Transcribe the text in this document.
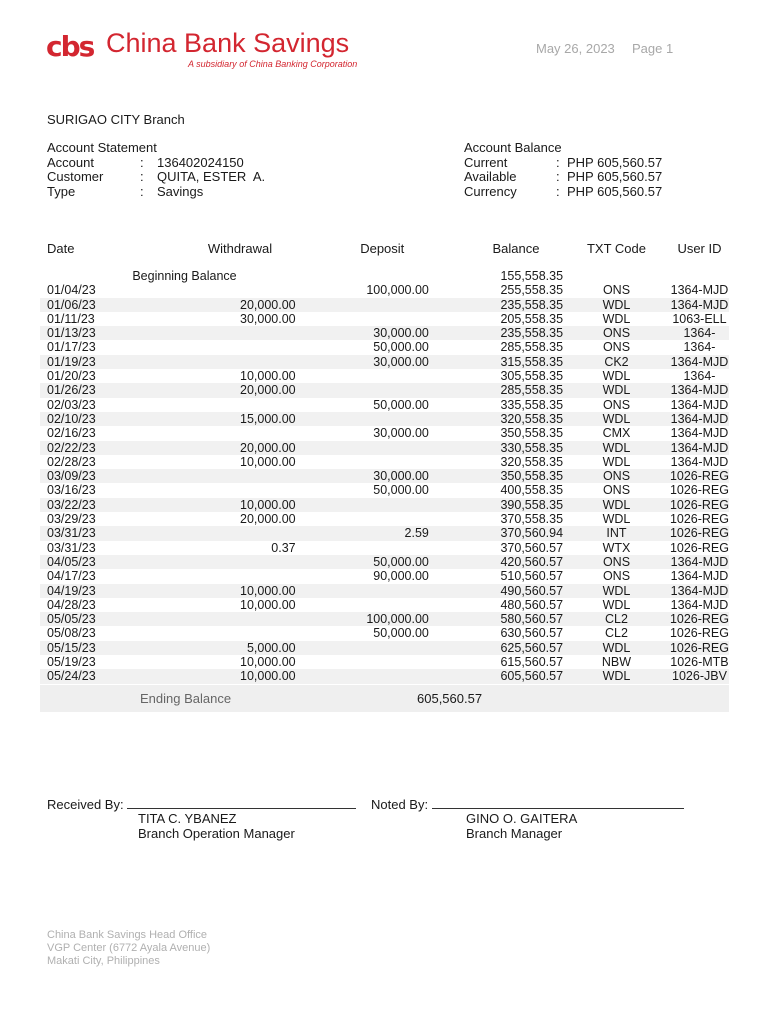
cbs China Bank Savings
A subsidiary of China Banking Corporation
May 26, 2023 Page 1
SURIGAO CITY Branch
Account Statement
Account	:	136402024150
Customer	:	QUITA, ESTER  A.
Type	:	Savings
Account Balance
Current	: PHP 605,560.57
Available	: PHP 605,560.57
Currency	: PHP 605,560.57
Date	Withdrawal	Deposit	Balance	TXT Code	User ID
	Beginning Balance		155,558.35		
01/04/23		100,000.00	255,558.35	ONS	1364-MJD
01/06/23	20,000.00		235,558.35	WDL	1364-MJD
01/11/23	30,000.00		205,558.35	WDL	1063-ELL
01/13/23		30,000.00	235,558.35	ONS	1364-
01/17/23		50,000.00	285,558.35	ONS	1364-
01/19/23		30,000.00	315,558.35	CK2	1364-MJD
01/20/23	10,000.00		305,558.35	WDL	1364-
01/26/23	20,000.00		285,558.35	WDL	1364-MJD
02/03/23		50,000.00	335,558.35	ONS	1364-MJD
02/10/23	15,000.00		320,558.35	WDL	1364-MJD
02/16/23		30,000.00	350,558.35	CMX	1364-MJD
02/22/23	20,000.00		330,558.35	WDL	1364-MJD
02/28/23	10,000.00		320,558.35	WDL	1364-MJD
03/09/23		30,000.00	350,558.35	ONS	1026-REG
03/16/23		50,000.00	400,558.35	ONS	1026-REG
03/22/23	10,000.00		390,558.35	WDL	1026-REG
03/29/23	20,000.00		370,558.35	WDL	1026-REG
03/31/23		2.59	370,560.94	INT	1026-REG
03/31/23	0.37		370,560.57	WTX	1026-REG
04/05/23		50,000.00	420,560.57	ONS	1364-MJD
04/17/23		90,000.00	510,560.57	ONS	1364-MJD
04/19/23	10,000.00		490,560.57	WDL	1364-MJD
04/28/23	10,000.00		480,560.57	WDL	1364-MJD
05/05/23		100,000.00	580,560.57	CL2	1026-REG
05/08/23		50,000.00	630,560.57	CL2	1026-REG
05/15/23	5,000.00		625,560.57	WDL	1026-REG
05/19/23	10,000.00		615,560.57	NBW	1026-MTB
05/24/23	10,000.00		605,560.57	WDL	1026-JBV
Ending Balance	605,560.57
Received By:
TITA C. YBANEZ
Branch Operation Manager
Noted By:
GINO O. GAITERA
Branch Manager
China Bank Savings Head Office
VGP Center (6772 Ayala Avenue)
Makati City, Philippines
